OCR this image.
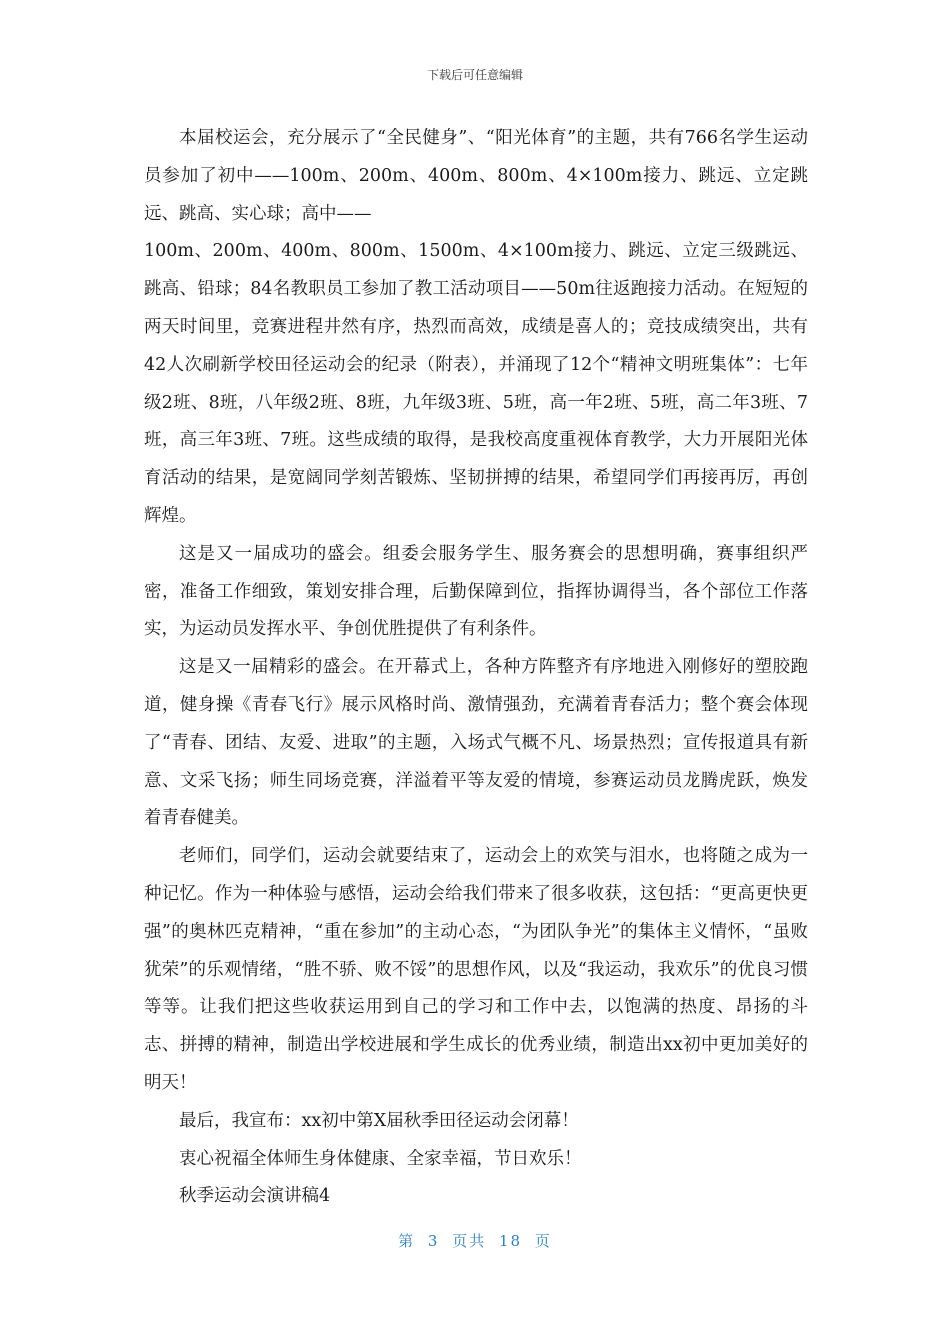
下载后可任意编辑

本届校运会，充分展示了“全民健身”、“阳光体育”的主题，共有766名学生运动员参加了初中——100m、200m、400m、800m、4×100m接力、跳远、立定跳远、跳高、实心球；高中——

100m、200m、400m、800m、1500m、4×100m接力、跳远、立定三级跳远、跳高、铅球；84名教职员工参加了教工活动项目——50m往返跑接力活动。在短短的两天时间里，竞赛进程井然有序，热烈而高效，成绩是喜人的；竞技成绩突出，共有42人次刷新学校田径运动会的纪录（附表），并涌现了12个“精神文明班集体”：七年级2班、8班，八年级2班、8班，九年级3班、5班，高一年2班、5班，高二年3班、7班，高三年3班、7班。这些成绩的取得，是我校高度重视体育教学，大力开展阳光体育活动的结果，是宽阔同学刻苦锻炼、坚韧拼搏的结果，希望同学们再接再厉，再创辉煌。

这是又一届成功的盛会。组委会服务学生、服务赛会的思想明确，赛事组织严密，准备工作细致，策划安排合理，后勤保障到位，指挥协调得当，各个部位工作落实，为运动员发挥水平、争创优胜提供了有利条件。

这是又一届精彩的盛会。在开幕式上，各种方阵整齐有序地进入刚修好的塑胶跑道，健身操《青春飞行》展示风格时尚、激情强劲，充满着青春活力；整个赛会体现了“青春、团结、友爱、进取”的主题，入场式气概不凡、场景热烈；宣传报道具有新意、文采飞扬；师生同场竞赛，洋溢着平等友爱的情境，参赛运动员龙腾虎跃，焕发着青春健美。

老师们，同学们，运动会就要结束了，运动会上的欢笑与泪水，也将随之成为一种记忆。作为一种体验与感悟，运动会给我们带来了很多收获，这包括：“更高更快更强”的奥林匹克精神，“重在参加”的主动心态，“为团队争光”的集体主义情怀，“虽败犹荣”的乐观情绪，“胜不骄、败不馁”的思想作风，以及“我运动，我欢乐”的优良习惯等等。让我们把这些收获运用到自己的学习和工作中去，以饱满的热度、昂扬的斗志、拼搏的精神，制造出学校进展和学生成长的优秀业绩，制造出xx初中更加美好的明天！

最后，我宣布：xx初中第X届秋季田径运动会闭幕！

衷心祝福全体师生身体健康、全家幸福，节日欢乐！

秋季运动会演讲稿4

第 3 页共 18 页
